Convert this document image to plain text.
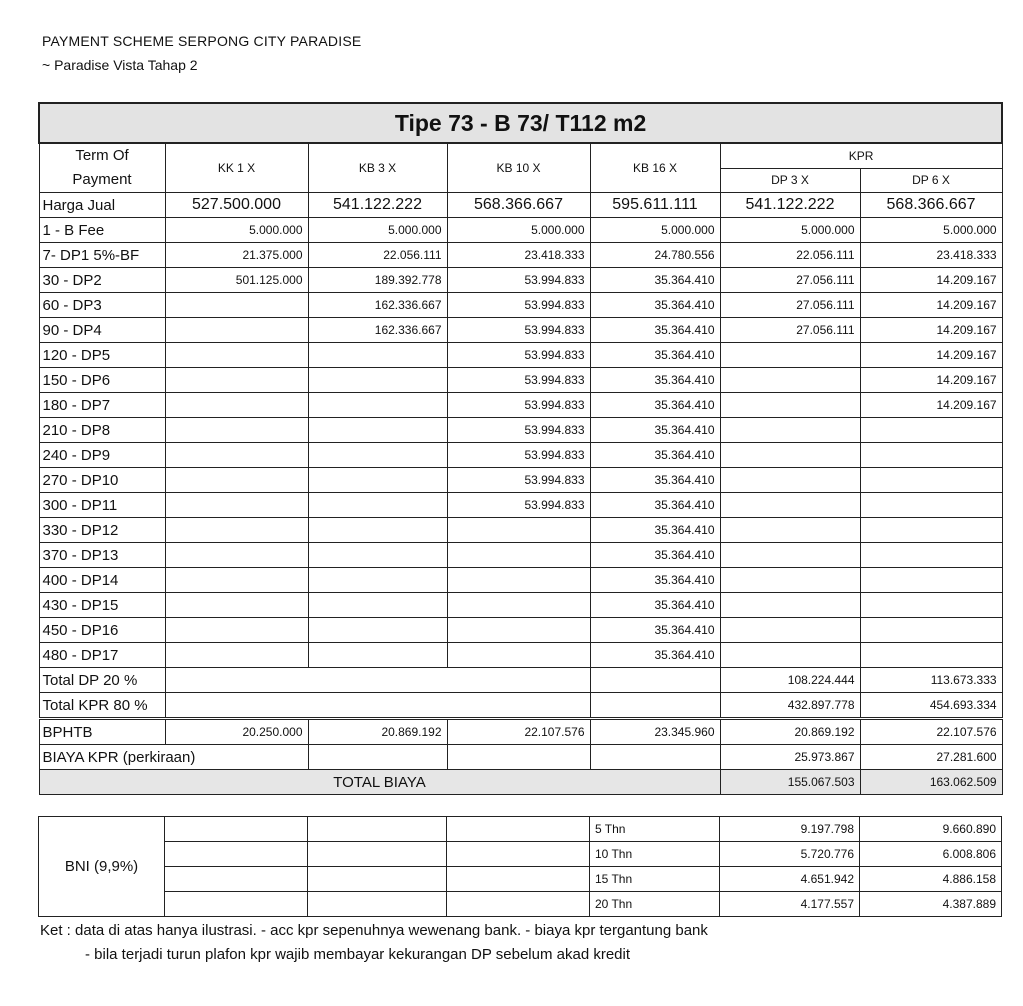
PAYMENT SCHEME SERPONG CITY PARADISE
~ Paradise Vista Tahap 2
Tipe 73 - B 73/ T112 m2						
Term Of
Payment	KK 1 X	KB 3 X	KB 10 X	KB 16 X	KPR	
					DP 3 X	DP 6 X
Harga Jual	527.500.000	541.122.222	568.366.667	595.611.111	541.122.222	568.366.667
1 - B Fee	5.000.000	5.000.000	5.000.000	5.000.000	5.000.000	5.000.000
7- DP1 5%-BF	21.375.000	22.056.111	23.418.333	24.780.556	22.056.111	23.418.333
30 - DP2	501.125.000	189.392.778	53.994.833	35.364.410	27.056.111	14.209.167
60 - DP3		162.336.667	53.994.833	35.364.410	27.056.111	14.209.167
90 - DP4		162.336.667	53.994.833	35.364.410	27.056.111	14.209.167
120 - DP5			53.994.833	35.364.410		14.209.167
150 - DP6			53.994.833	35.364.410		14.209.167
180 - DP7			53.994.833	35.364.410		14.209.167
210 - DP8			53.994.833	35.364.410		
240 - DP9			53.994.833	35.364.410		
270 - DP10			53.994.833	35.364.410		
300 - DP11			53.994.833	35.364.410		
330 - DP12				35.364.410		
370 - DP13				35.364.410		
400 - DP14				35.364.410		
430 - DP15				35.364.410		
450 - DP16				35.364.410		
480 - DP17				35.364.410		
Total DP 20 %					108.224.444	113.673.333
Total KPR 80 %					432.897.778	454.693.334
BPHTB	20.250.000	20.869.192	22.107.576	23.345.960	20.869.192	22.107.576
BIAYA KPR (perkiraan)					25.973.867	27.281.600
TOTAL BIAYA					155.067.503	163.062.509
BNI (9,9%)				5 Thn	9.197.798	9.660.890
				10 Thn	5.720.776	6.008.806
				15 Thn	4.651.942	4.886.158
				20 Thn	4.177.557	4.387.889
Ket : data di atas hanya ilustrasi. - acc kpr sepenuhnya wewenang bank. - biaya kpr tergantung bank
- bila terjadi turun plafon kpr wajib membayar kekurangan DP sebelum akad kredit
